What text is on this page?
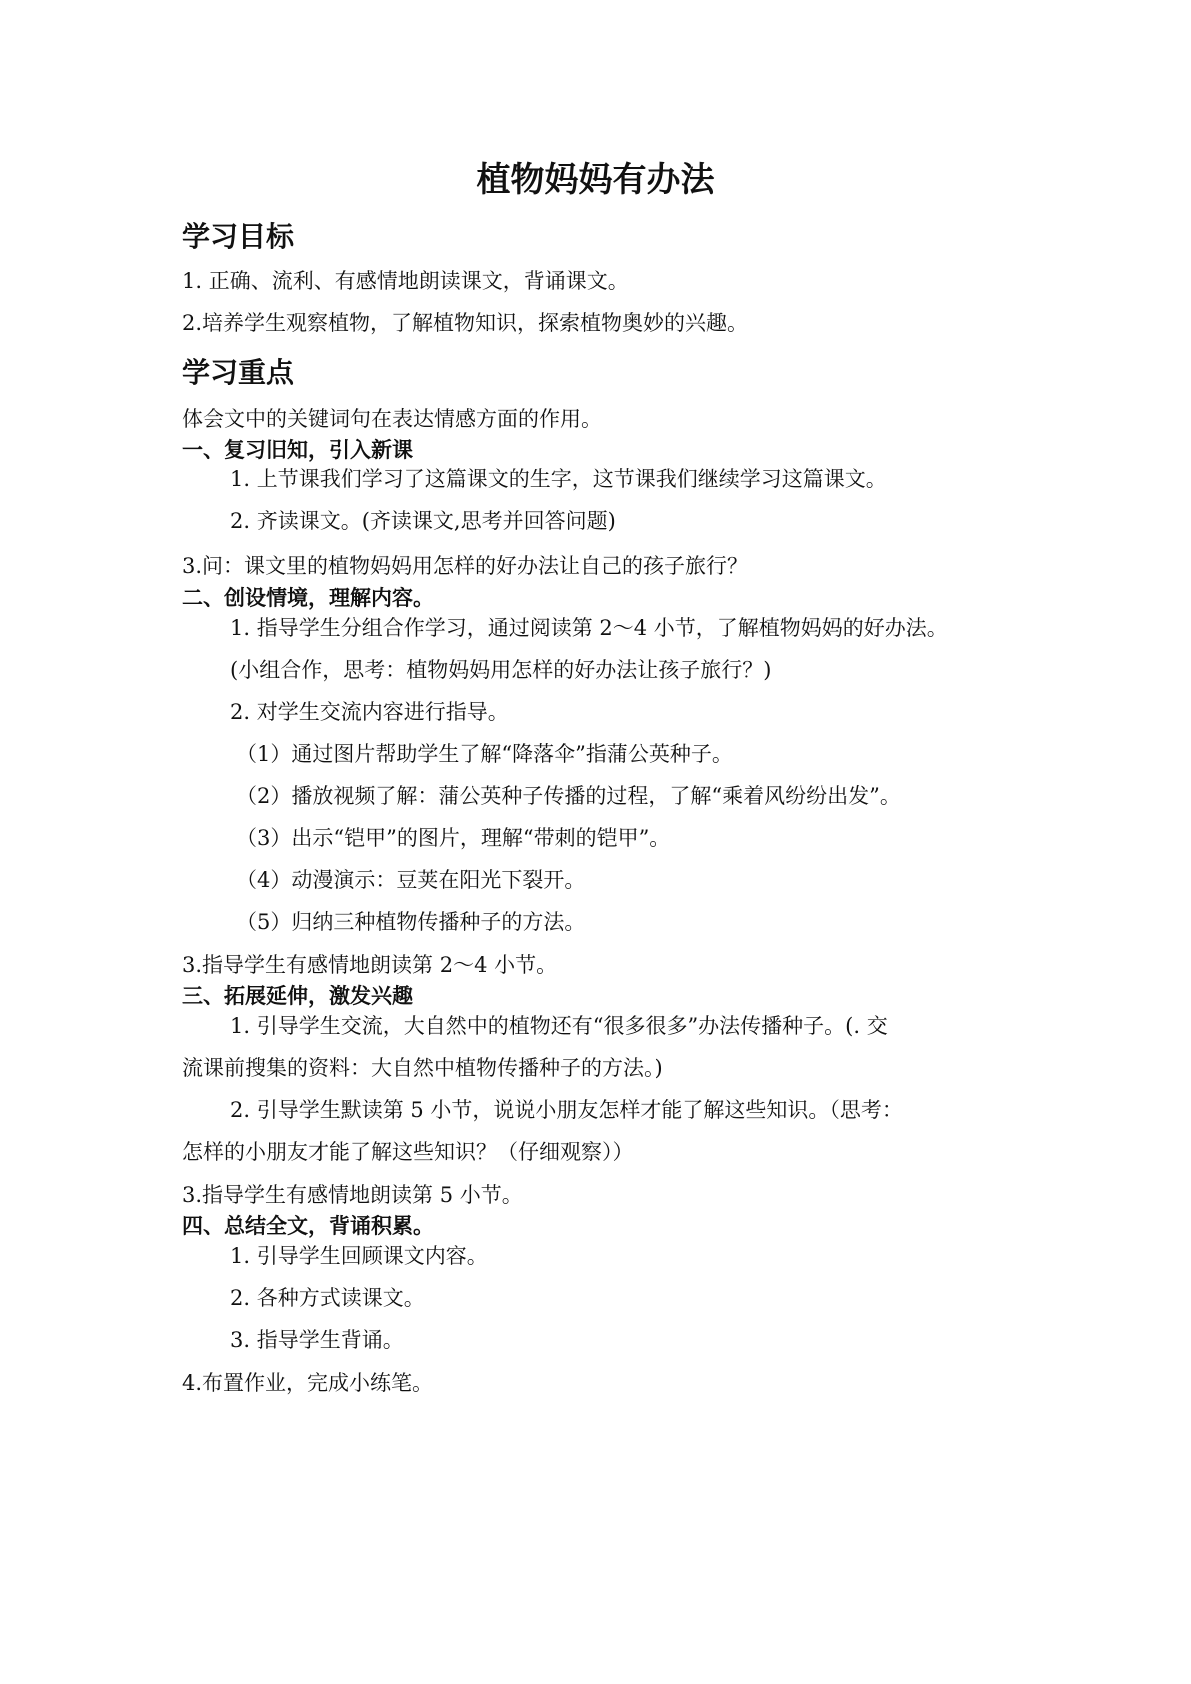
植物妈妈有办法
学习目标
1. 正确、流利、有感情地朗读课文，背诵课文。
2.培养学生观察植物，了解植物知识，探索植物奥妙的兴趣。
学习重点
体会文中的关键词句在表达情感方面的作用。
一、复习旧知，引入新课
1. 上节课我们学习了这篇课文的生字，这节课我们继续学习这篇课文。
2. 齐读课文。(齐读课文,思考并回答问题)
3.问：课文里的植物妈妈用怎样的好办法让自己的孩子旅行？
二、创设情境，理解内容。
1. 指导学生分组合作学习，通过阅读第 2～4 小节，了解植物妈妈的好办法。
(小组合作，思考：植物妈妈用怎样的好办法让孩子旅行？)
2. 对学生交流内容进行指导。
（1）通过图片帮助学生了解“降落伞”指蒲公英种子。
（2）播放视频了解：蒲公英种子传播的过程，了解“乘着风纷纷出发”。
（3）出示“铠甲”的图片，理解“带刺的铠甲”。
（4）动漫演示：豆荚在阳光下裂开。
（5）归纳三种植物传播种子的方法。
3.指导学生有感情地朗读第 2～4 小节。
三、拓展延伸，激发兴趣
1. 引导学生交流，大自然中的植物还有“很多很多”办法传播种子。(. 交
流课前搜集的资料：大自然中植物传播种子的方法。)
2. 引导学生默读第 5 小节，说说小朋友怎样才能了解这些知识。（思考：
怎样的小朋友才能了解这些知识？（仔细观察））
3.指导学生有感情地朗读第 5 小节。
四、总结全文，背诵积累。
1. 引导学生回顾课文内容。
2. 各种方式读课文。
3. 指导学生背诵。
4.布置作业，完成小练笔。
